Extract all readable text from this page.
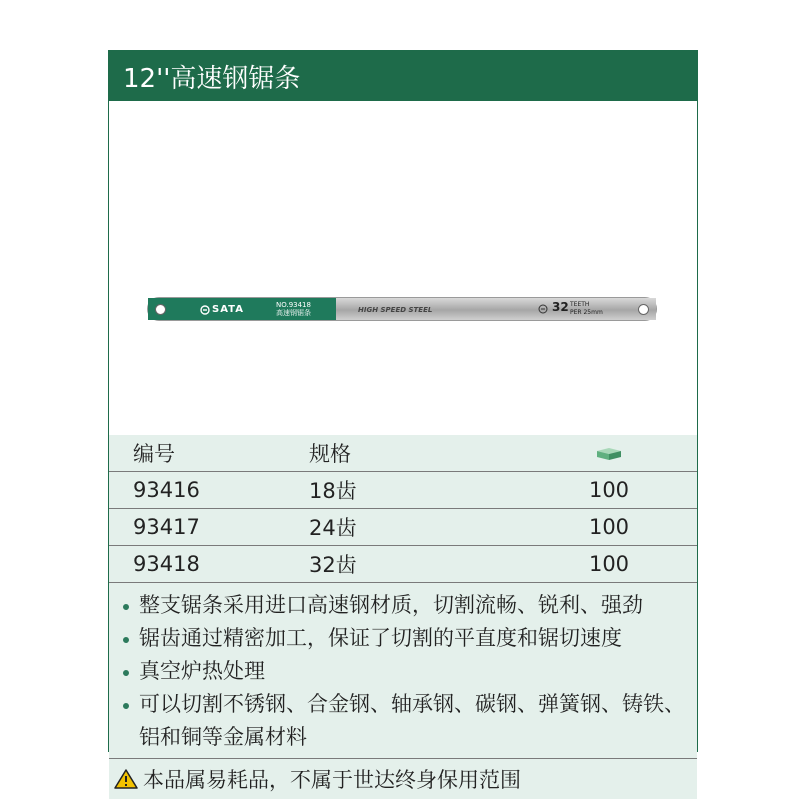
12''高速钢锯条
SATA	NO.93418
高速钢锯条	HIGH SPEED STEEL	32 TEETH
PER 25mm
编号	规格
93416	18齿	100
93417	24齿	100
93418	32齿	100
整支锯条采用进口高速钢材质，切割流畅、锐利、强劲
锯齿通过精密加工，保证了切割的平直度和锯切速度
真空炉热处理
可以切割不锈钢、合金钢、轴承钢、碳钢、弹簧钢、铸铁、铝和铜等金属材料
本品属易耗品，不属于世达终身保用范围
